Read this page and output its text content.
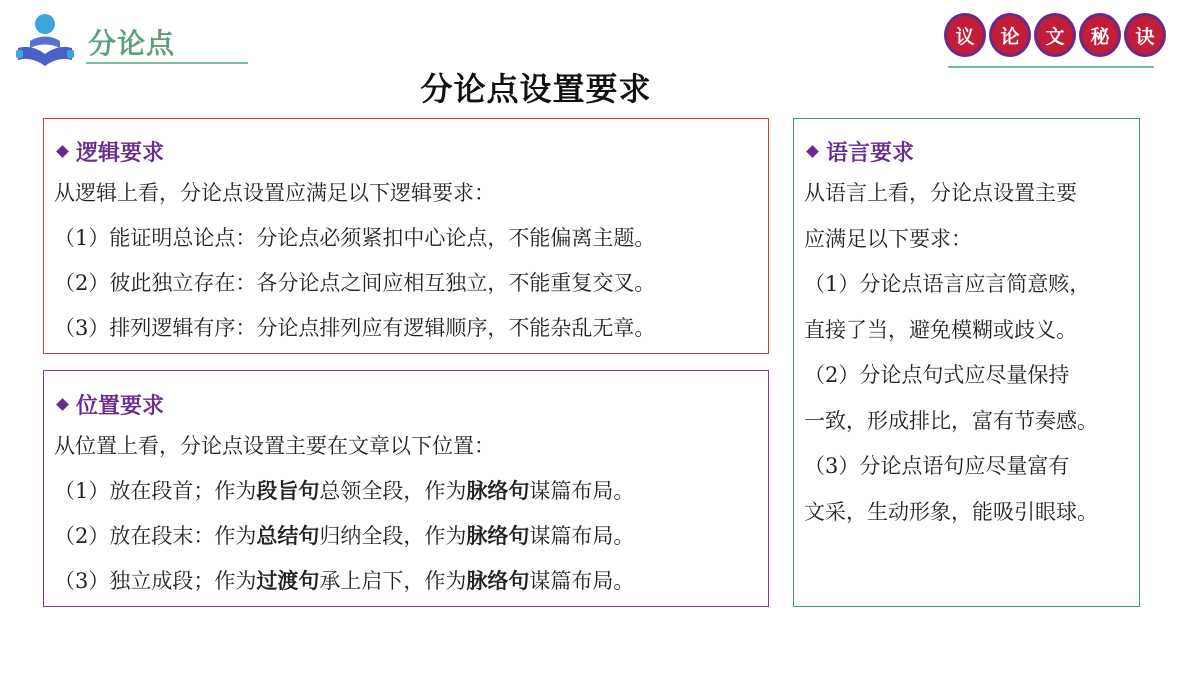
分论点	议	论	文	秘	诀
分论点设置要求
逻辑要求
从逻辑上看，分论点设置应满足以下逻辑要求：
（1）能证明总论点：分论点必须紧扣中心论点，不能偏离主题。
（2）彼此独立存在：各分论点之间应相互独立，不能重复交叉。
（3）排列逻辑有序：分论点排列应有逻辑顺序，不能杂乱无章。
位置要求
从位置上看，分论点设置主要在文章以下位置：
（1）放在段首；作为段旨句总领全段，作为脉络句谋篇布局。
（2）放在段末：作为总结句归纳全段，作为脉络句谋篇布局。
（3）独立成段；作为过渡句承上启下，作为脉络句谋篇布局。
语言要求
从语言上看，分论点设置主要
应满足以下要求：
（1）分论点语言应言简意赅，
直接了当，避免模糊或歧义。
（2）分论点句式应尽量保持
一致，形成排比，富有节奏感。
（3）分论点语句应尽量富有
文采，生动形象，能吸引眼球。
